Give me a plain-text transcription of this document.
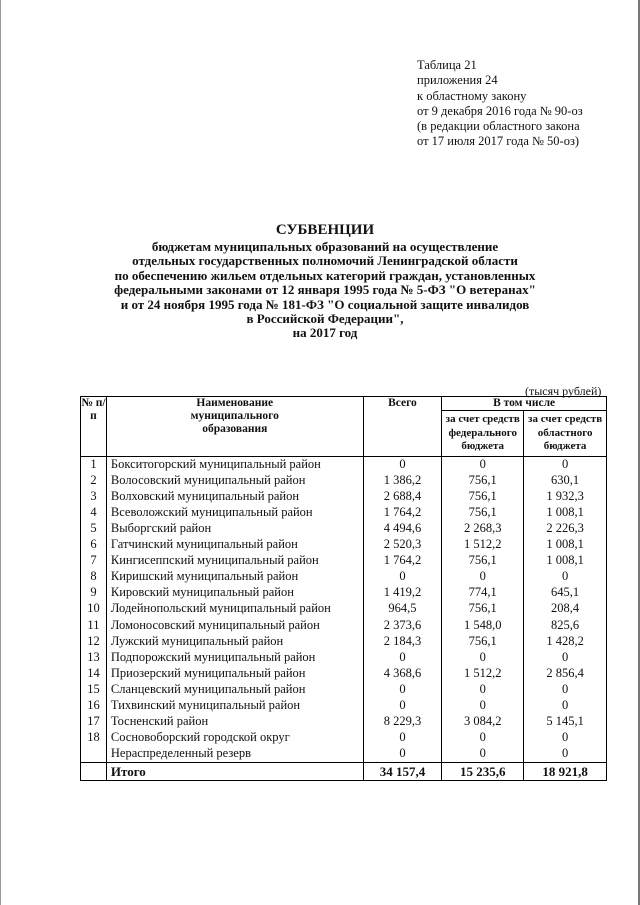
Таблица 21
приложения 24
к областному закону
от 9 декабря 2016 года № 90-оз
(в редакции областного закона
от 17 июля 2017 года № 50-оз)
СУБВЕНЦИИ
бюджетам муниципальных образований на осуществление
отдельных государственных полномочий Ленинградской области
по обеспечению жильем отдельных категорий граждан, установленных
федеральными законами от 12 января 1995 года № 5-ФЗ "О ветеранах"
и от 24 ноября 1995 года № 181-ФЗ "О социальной защите инвалидов
в Российской Федерации",
на 2017 год
(тысяч рублей)
№ п/п	Наименование муниципального образования	Всего	В том числе	
			за счет средств федерального бюджета	за счет средств областного бюджета
1	Бокситогорский муниципальный район	0	0	0
2	Волосовский муниципальный район	1 386,2	756,1	630,1
3	Волховский муниципальный район	2 688,4	756,1	1 932,3
4	Всеволожский муниципальный район	1 764,2	756,1	1 008,1
5	Выборгский район	4 494,6	2 268,3	2 226,3
6	Гатчинский муниципальный район	2 520,3	1 512,2	1 008,1
7	Кингисеппский муниципальный район	1 764,2	756,1	1 008,1
8	Киришский муниципальный район	0	0	0
9	Кировский муниципальный район	1 419,2	774,1	645,1
10	Лодейнопольский муниципальный район	964,5	756,1	208,4
11	Ломоносовский муниципальный район	2 373,6	1 548,0	825,6
12	Лужский муниципальный район	2 184,3	756,1	1 428,2
13	Подпорожский муниципальный район	0	0	0
14	Приозерский муниципальный район	4 368,6	1 512,2	2 856,4
15	Сланцевский муниципальный район	0	0	0
16	Тихвинский муниципальный район	0	0	0
17	Тосненский район	8 229,3	3 084,2	5 145,1
18	Сосновоборский городской округ	0	0	0
	Нераспределенный резерв	0	0	0
	Итого	34 157,4	15 235,6	18 921,8
